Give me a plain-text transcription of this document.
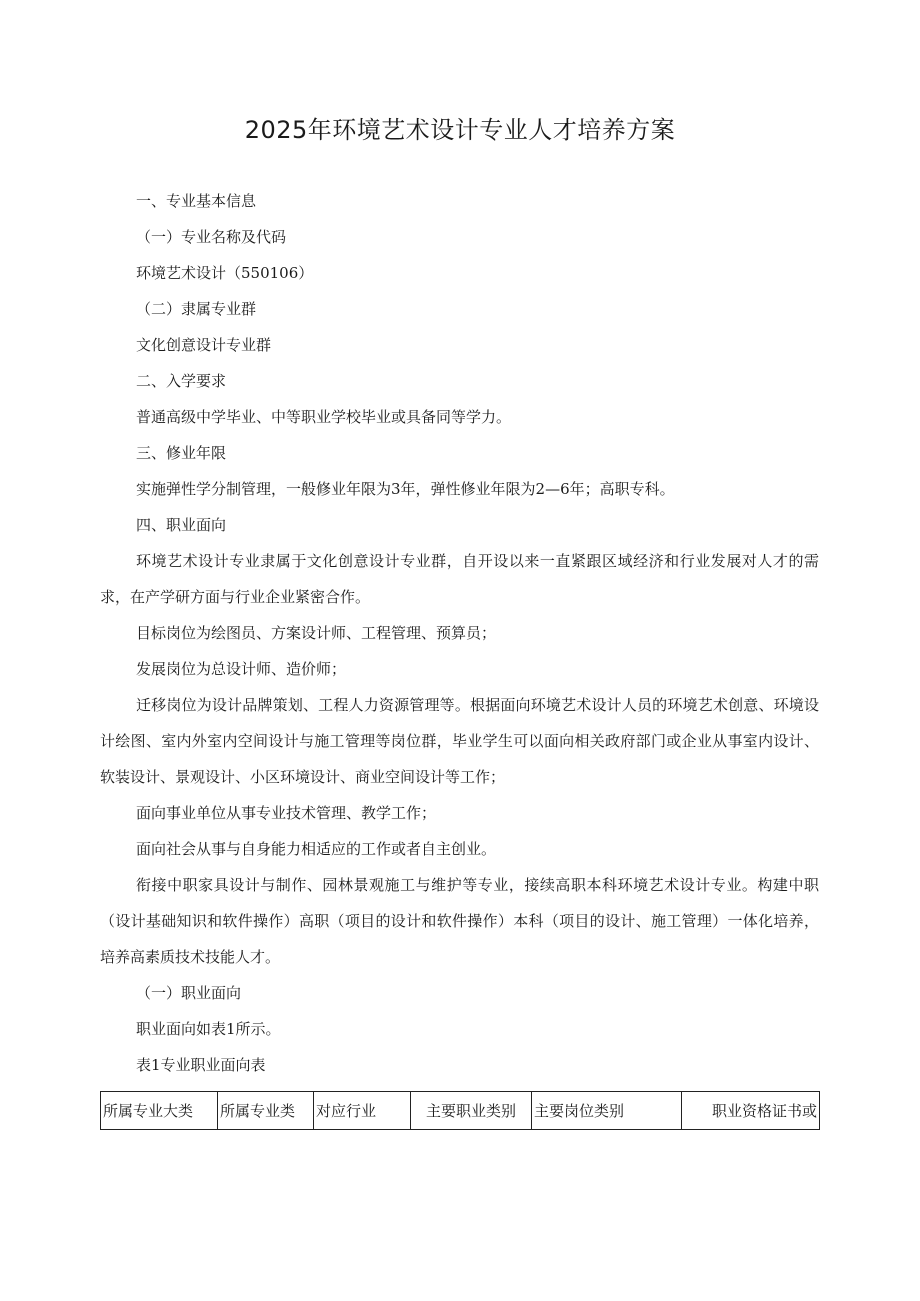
2025年环境艺术设计专业人才培养方案
一、专业基本信息
（一）专业名称及代码
环境艺术设计（550106）
（二）隶属专业群
文化创意设计专业群
二、入学要求
普通高级中学毕业、中等职业学校毕业或具备同等学力。
三、修业年限
实施弹性学分制管理，一般修业年限为3年，弹性修业年限为2—6年；高职专科。
四、职业面向
环境艺术设计专业隶属于文化创意设计专业群，自开设以来一直紧跟区域经济和行业发展对人才的需求，在产学研方面与行业企业紧密合作。
目标岗位为绘图员、方案设计师、工程管理、预算员；
发展岗位为总设计师、造价师；
迁移岗位为设计品牌策划、工程人力资源管理等。根据面向环境艺术设计人员的环境艺术创意、环境设计绘图、室内外室内空间设计与施工管理等岗位群，毕业学生可以面向相关政府部门或企业从事室内设计、软装设计、景观设计、小区环境设计、商业空间设计等工作；
面向事业单位从事专业技术管理、教学工作；
面向社会从事与自身能力相适应的工作或者自主创业。
衔接中职家具设计与制作、园林景观施工与维护等专业，接续高职本科环境艺术设计专业。构建中职（设计基础知识和软件操作）高职（项目的设计和软件操作）本科（项目的设计、施工管理）一体化培养，培养高素质技术技能人才。
（一）职业面向
职业面向如表1所示。
表1专业职业面向表
所属专业大类	所属专业类	对应行业	主要职业类别	主要岗位类别	职业资格证书或
